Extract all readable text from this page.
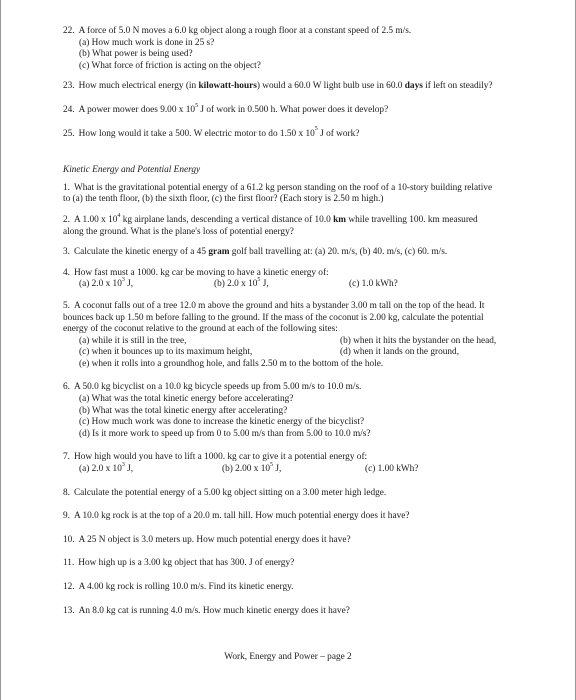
22. A force of 5.0 N moves a 6.0 kg object along a rough floor at a constant speed of 2.5 m/s.
(a) How much work is done in 25 s?
(b) What power is being used?
(c) What force of friction is acting on the object?
23. How much electrical energy (in kilowatt-hours) would a 60.0 W light bulb use in 60.0 days if left on steadily?
24. A power mower does 9.00 x $10^5$ J of work in 0.500 h. What power does it develop?
25. How long would it take a 500. W electric motor to do 1.50 x $10^5$ J of work?
Kinetic Energy and Potential Energy
1. What is the gravitational potential energy of a 61.2 kg person standing on the roof of a 10-story building relative
to (a) the tenth floor, (b) the sixth floor, (c) the first floor? (Each story is 2.50 m high.)
2. A 1.00 x $10^4$ kg airplane lands, descending a vertical distance of 10.0 km while travelling 100. km measured
along the ground. What is the plane's loss of potential energy?
3. Calculate the kinetic energy of a 45 gram golf ball travelling at: (a) 20. m/s, (b) 40. m/s, (c) 60. m/s.
4. How fast must a 1000. kg car be moving to have a kinetic energy of:
(a) 2.0 x $10^3$ J,	(b) 2.0 x $10^5$ J,	(c) 1.0 kWh?
5. A coconut falls out of a tree 12.0 m above the ground and hits a bystander 3.00 m tall on the top of the head. It
bounces back up 1.50 m before falling to the ground. If the mass of the coconut is 2.00 kg, calculate the potential
energy of the coconut relative to the ground at each of the following sites:
(a) while it is still in the tree,	(b) when it hits the bystander on the head,
(c) when it bounces up to its maximum height,	(d) when it lands on the ground,
(e) when it rolls into a groundhog hole, and falls 2.50 m to the bottom of the hole.
6. A 50.0 kg bicyclist on a 10.0 kg bicycle speeds up from 5.00 m/s to 10.0 m/s.
(a) What was the total kinetic energy before accelerating?
(b) What was the total kinetic energy after accelerating?
(c) How much work was done to increase the kinetic energy of the bicyclist?
(d) Is it more work to speed up from 0 to 5.00 m/s than from 5.00 to 10.0 m/s?
7. How high would you have to lift a 1000. kg car to give it a potential energy of:
(a) 2.0 x $10^3$ J,	(b) 2.00 x $10^5$ J,	(c) 1.00 kWh?
8. Calculate the potential energy of a 5.00 kg object sitting on a 3.00 meter high ledge.
9. A 10.0 kg rock is at the top of a 20.0 m. tall hill. How much potential energy does it have?
10. A 25 N object is 3.0 meters up. How much potential energy does it have?
11. How high up is a 3.00 kg object that has 300. J of energy?
12. A 4.00 kg rock is rolling 10.0 m/s. Find its kinetic energy.
13. An 8.0 kg cat is running 4.0 m/s. How much kinetic energy does it have?
Work, Energy and Power – page 2
